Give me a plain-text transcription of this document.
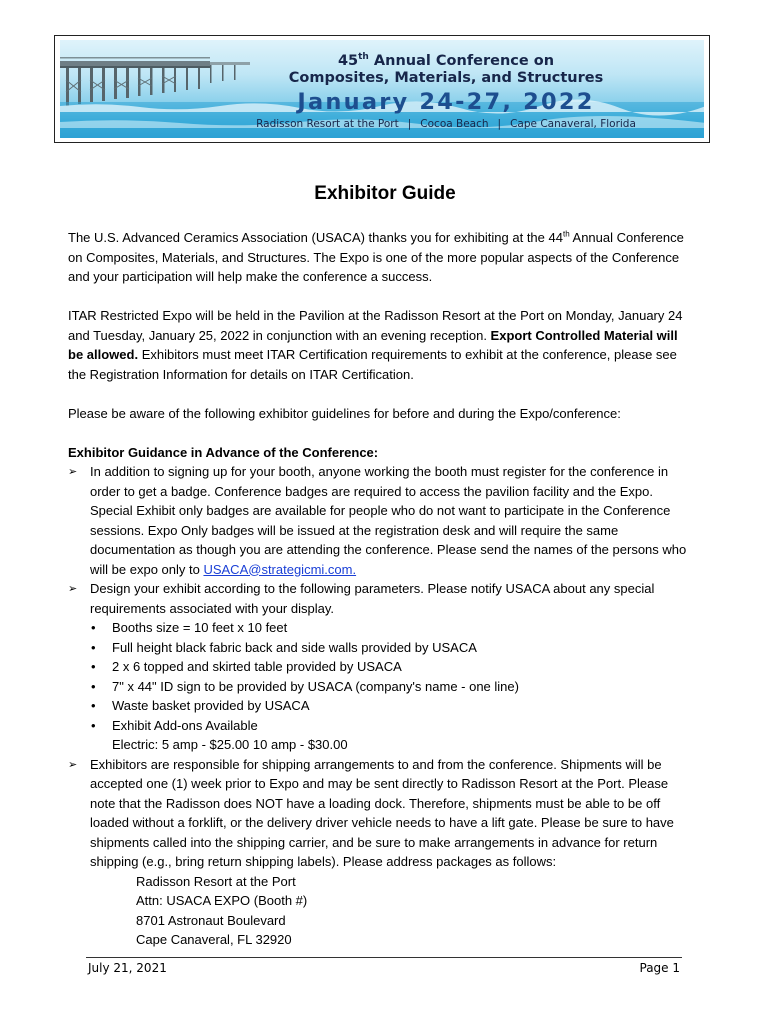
45th Annual Conference on
Composites, Materials, and Structures
January 24-27, 2022
Radisson Resort at the Port | Cocoa Beach | Cape Canaveral, Florida
Exhibitor Guide

The U.S. Advanced Ceramics Association (USACA) thanks you for exhibiting at the 44th Annual Conference on Composites, Materials, and Structures. The Expo is one of the more popular aspects of the Conference and your participation will help make the conference a success.

ITAR Restricted Expo will be held in the Pavilion at the Radisson Resort at the Port on Monday, January 24 and Tuesday, January 25, 2022 in conjunction with an evening reception. Export Controlled Material will be allowed. Exhibitors must meet ITAR Certification requirements to exhibit at the conference, please see the Registration Information for details on ITAR Certification.

Please be aware of the following exhibitor guidelines for before and during the Expo/conference:

Exhibitor Guidance in Advance of the Conference:
➢ In addition to signing up for your booth, anyone working the booth must register for the conference in order to get a badge. Conference badges are required to access the pavilion facility and the Expo. Special Exhibit only badges are available for people who do not want to participate in the Conference sessions. Expo Only badges will be issued at the registration desk and will require the same documentation as though you are attending the conference. Please send the names of the persons who will be expo only to USACA@strategicmi.com.
➢ Design your exhibit according to the following parameters. Please notify USACA about any special requirements associated with your display.
• Booths size = 10 feet x 10 feet
• Full height black fabric back and side walls provided by USACA
• 2 x 6 topped and skirted table provided by USACA
• 7" x 44" ID sign to be provided by USACA (company's name - one line)
• Waste basket provided by USACA
• Exhibit Add-ons Available
Electric: 5 amp - $25.00 10 amp - $30.00
➢ Exhibitors are responsible for shipping arrangements to and from the conference. Shipments will be accepted one (1) week prior to Expo and may be sent directly to Radisson Resort at the Port. Please note that the Radisson does NOT have a loading dock. Therefore, shipments must be able to be off loaded without a forklift, or the delivery driver vehicle needs to have a lift gate. Please be sure to have shipments called into the shipping carrier, and be sure to make arrangements in advance for return shipping (e.g., bring return shipping labels). Please address packages as follows:
Radisson Resort at the Port
Attn: USACA EXPO (Booth #)
8701 Astronaut Boulevard
Cape Canaveral, FL 32920
July 21, 2021	Page 1
